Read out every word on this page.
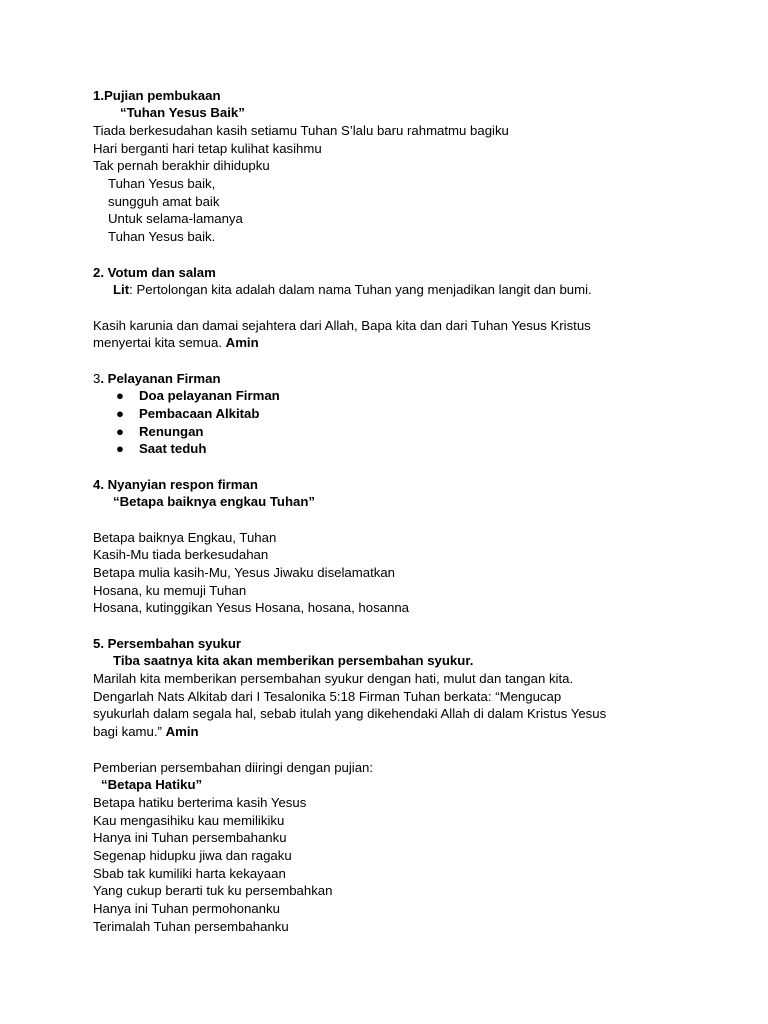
1.Pujian pembukaan
“Tuhan Yesus Baik”
Tiada berkesudahan kasih setiamu Tuhan S’lalu baru rahmatmu bagiku
Hari berganti hari tetap kulihat kasihmu
Tak pernah berakhir dihidupku
Tuhan Yesus baik,
sungguh amat baik
Untuk selama-lamanya
Tuhan Yesus baik.
2. Votum dan salam
Lit: Pertolongan kita adalah dalam nama Tuhan yang menjadikan langit dan bumi.
Kasih karunia dan damai sejahtera dari Allah, Bapa kita dan dari Tuhan Yesus Kristus
menyertai kita semua. Amin
3. Pelayanan Firman
● Doa pelayanan Firman
● Pembacaan Alkitab
● Renungan
● Saat teduh
4. Nyanyian respon firman
“Betapa baiknya engkau Tuhan”
Betapa baiknya Engkau, Tuhan
Kasih-Mu tiada berkesudahan
Betapa mulia kasih-Mu, Yesus Jiwaku diselamatkan
Hosana, ku memuji Tuhan
Hosana, kutinggikan Yesus Hosana, hosana, hosanna
5. Persembahan syukur
Tiba saatnya kita akan memberikan persembahan syukur.
Marilah kita memberikan persembahan syukur dengan hati, mulut dan tangan kita.
Dengarlah Nats Alkitab dari I Tesalonika 5:18 Firman Tuhan berkata: “Mengucap
syukurlah dalam segala hal, sebab itulah yang dikehendaki Allah di dalam Kristus Yesus
bagi kamu.” Amin
Pemberian persembahan diiringi dengan pujian:
“Betapa Hatiku”
Betapa hatiku berterima kasih Yesus
Kau mengasihiku kau memilikiku
Hanya ini Tuhan persembahanku
Segenap hidupku jiwa dan ragaku
Sbab tak kumiliki harta kekayaan
Yang cukup berarti tuk ku persembahkan
Hanya ini Tuhan permohonanku
Terimalah Tuhan persembahanku
